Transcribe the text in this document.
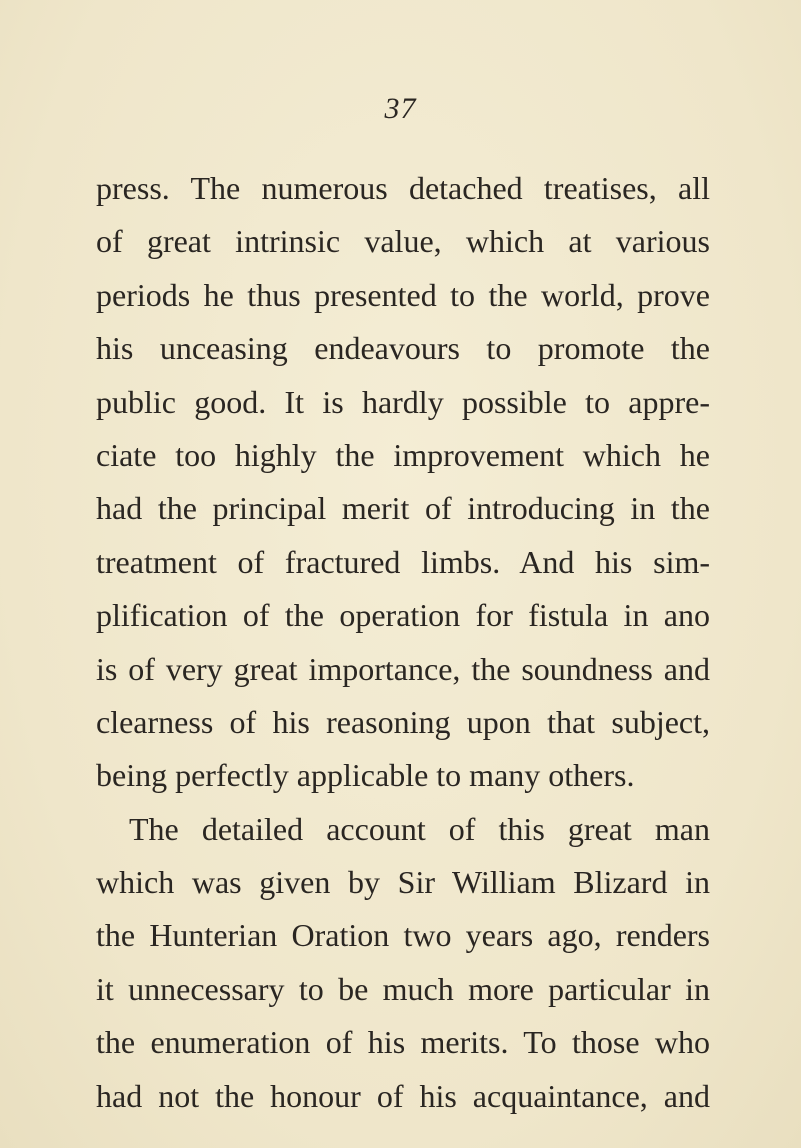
37
press. The numerous detached treatises, all
of great intrinsic value, which at various
periods he thus presented to the world, prove
his unceasing endeavours to promote the
public good. It is hardly possible to appre-
ciate too highly the improvement which he
had the principal merit of introducing in the
treatment of fractured limbs. And his sim-
plification of the operation for fistula in ano
is of very great importance, the soundness and
clearness of his reasoning upon that subject,
being perfectly applicable to many others.
The detailed account of this great man
which was given by Sir William Blizard in
the Hunterian Oration two years ago, renders
it unnecessary to be much more particular in
the enumeration of his merits. To those who
had not the honour of his acquaintance, and
